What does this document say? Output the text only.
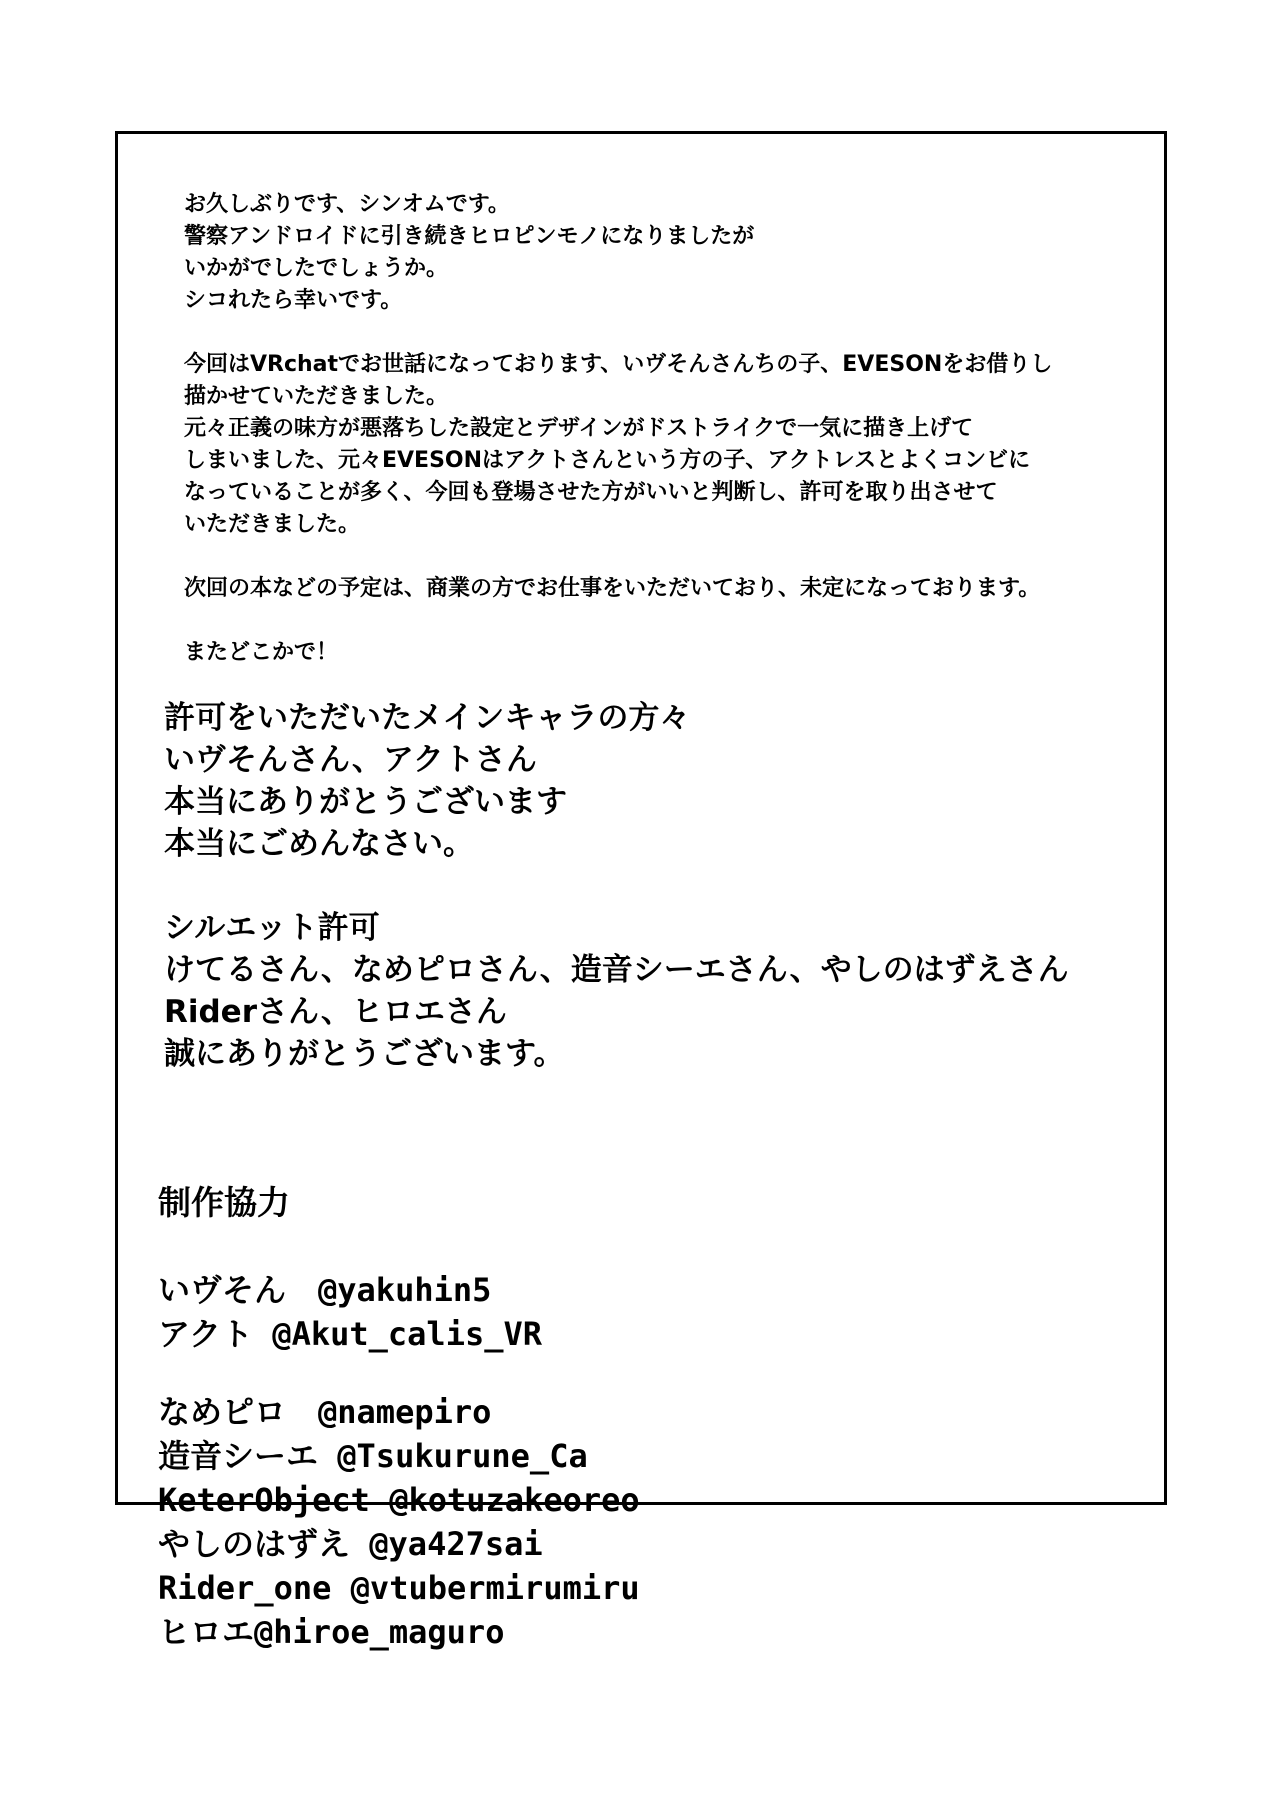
お久しぶりです、シンオムです。
警察アンドロイドに引き続きヒロピンモノになりましたが
いかがでしたでしょうか。
シコれたら幸いです。
今回はVRchatでお世話になっております、いヴそんさんちの子、EVESONをお借りし
描かせていただきました。
元々正義の味方が悪落ちした設定とデザインがドストライクで一気に描き上げて
しまいました、元々EVESONはアクトさんという方の子、アクトレスとよくコンビに
なっていることが多く、今回も登場させた方がいいと判断し、許可を取り出させて
いただきました。
次回の本などの予定は、商業の方でお仕事をいただいており、未定になっております。
またどこかで！
許可をいただいたメインキャラの方々
いヴそんさん、アクトさん
本当にありがとうございます
本当にごめんなさい。
シルエット許可
けてるさん、なめピロさん、造音シーエさん、やしのはずえさん
Riderさん、ヒロエさん
誠にありがとうございます。
制作協力
いヴそん　@yakuhin5
アクト @Akut_calis_VR
なめピロ　@namepiro
造音シーエ @Tsukurune_Ca
KeterObject @kotuzakeoreo
やしのはずえ @ya427sai
Rider_one @vtubermirumiru
ヒロエ@hiroe_maguro
